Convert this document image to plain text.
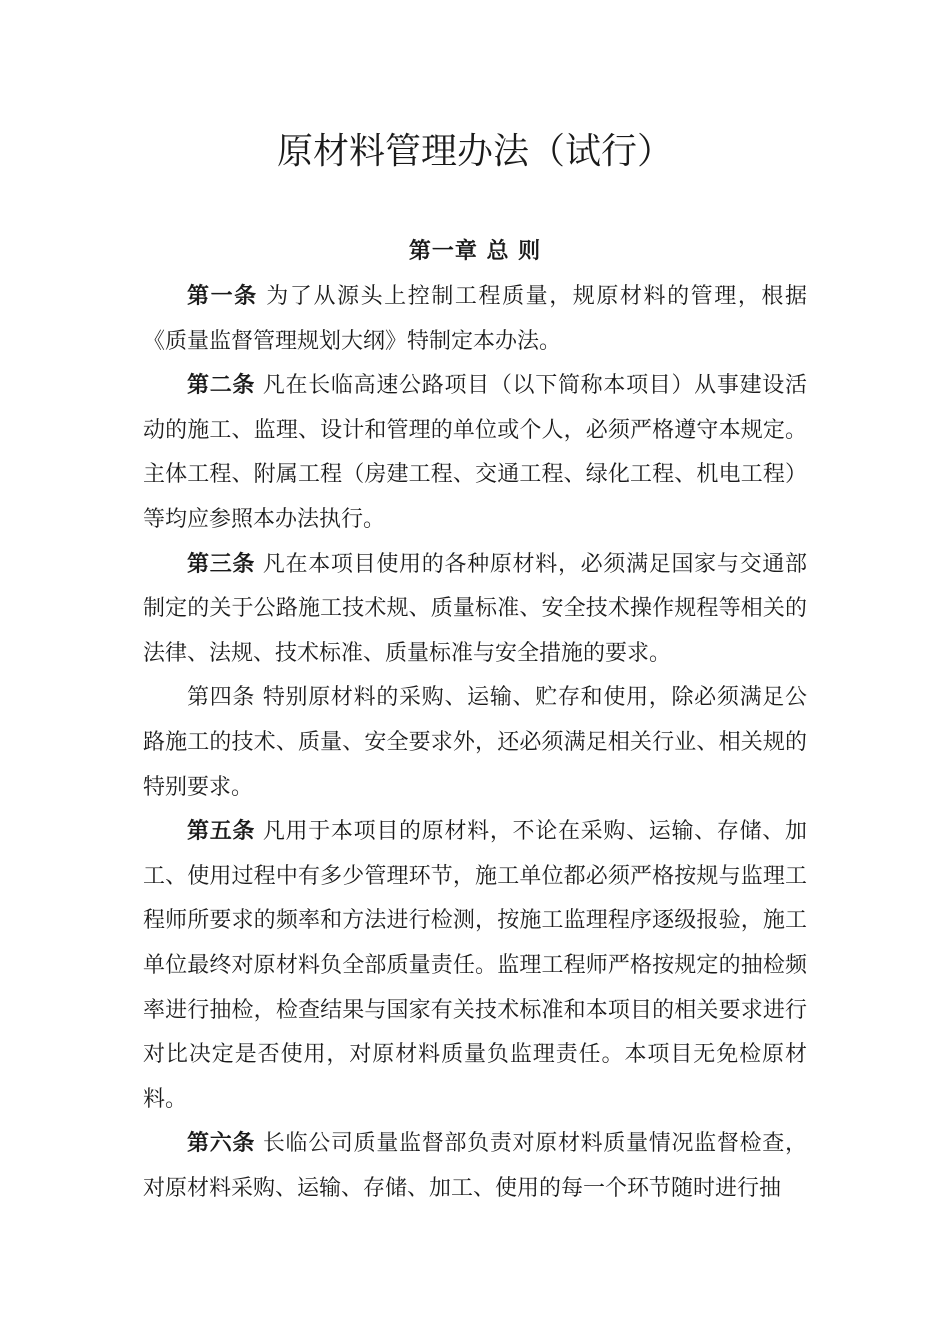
原材料管理办法（试行）
第一章 总 则

第一条 为了从源头上控制工程质量，规原材料的管理，根据《质量监督管理规划大纲》特制定本办法。

第二条 凡在长临高速公路项目（以下简称本项目）从事建设活动的施工、监理、设计和管理的单位或个人，必须严格遵守本规定。主体工程、附属工程（房建工程、交通工程、绿化工程、机电工程）等均应参照本办法执行。

第三条 凡在本项目使用的各种原材料，必须满足国家与交通部制定的关于公路施工技术规、质量标准、安全技术操作规程等相关的法律、法规、技术标准、质量标准与安全措施的要求。

第四条 特别原材料的采购、运输、贮存和使用，除必须满足公路施工的技术、质量、安全要求外，还必须满足相关行业、相关规的特别要求。

第五条 凡用于本项目的原材料，不论在采购、运输、存储、加工、使用过程中有多少管理环节，施工单位都必须严格按规与监理工程师所要求的频率和方法进行检测，按施工监理程序逐级报验，施工单位最终对原材料负全部质量责任。监理工程师严格按规定的抽检频率进行抽检，检查结果与国家有关技术标准和本项目的相关要求进行对比决定是否使用，对原材料质量负监理责任。本项目无免检原材料。

第六条 长临公司质量监督部负责对原材料质量情况监督检查，对原材料采购、运输、存储、加工、使用的每一个环节随时进行抽
